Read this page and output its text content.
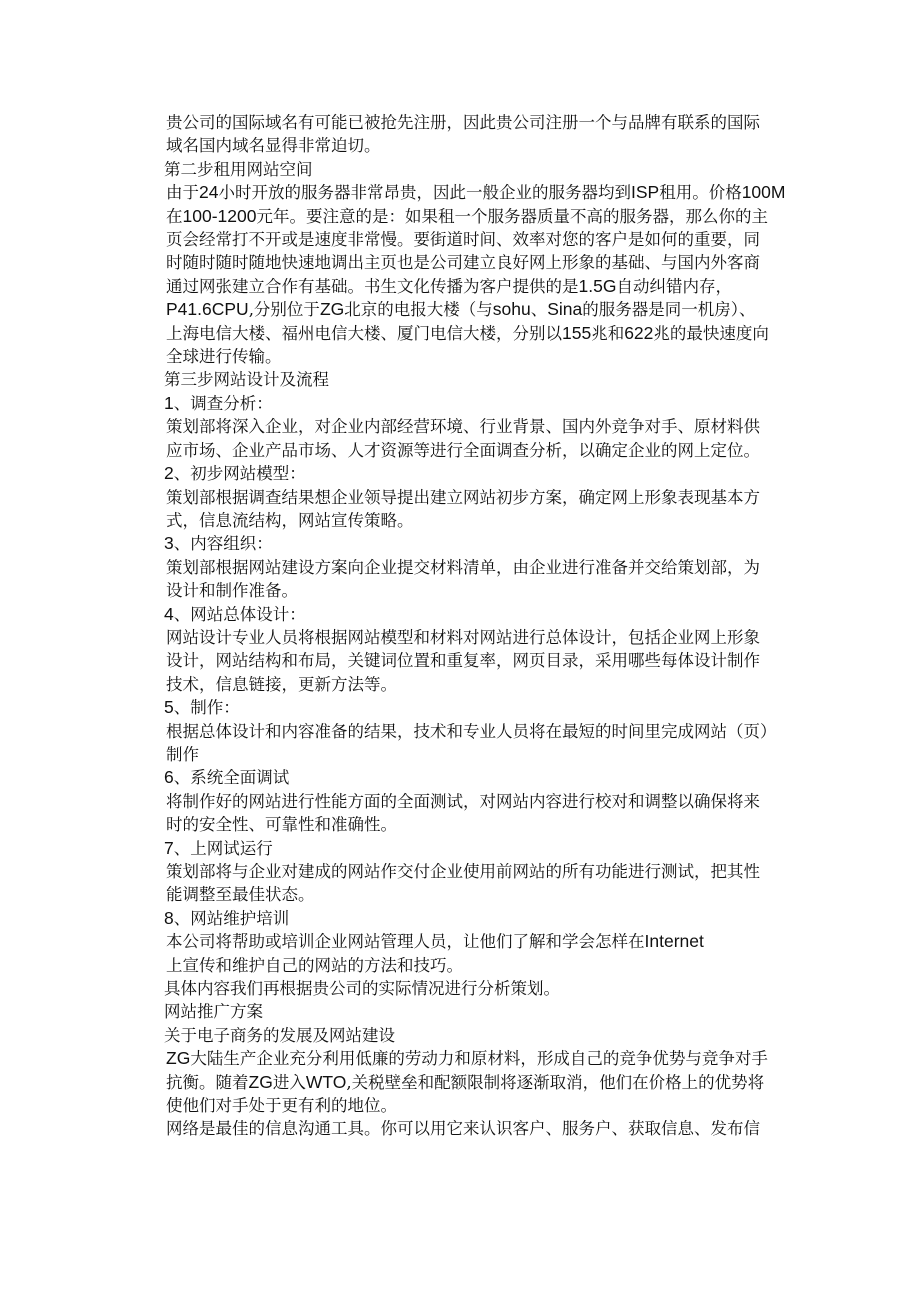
贵公司的国际域名有可能已被抢先注册，因此贵公司注册一个与品牌有联系的国际
域名国内域名显得非常迫切。
第二步租用网站空间
由于24小时开放的服务器非常昂贵，因此一般企业的服务器均到ISP租用。价格100M
在100-1200元年。要注意的是：如果租一个服务器质量不高的服务器，那么你的主
页会经常打不开或是速度非常慢。要街道时间、效率对您的客户是如何的重要，同
时随时随时随地快速地调出主页也是公司建立良好网上形象的基础、与国内外客商
通过网张建立合作有基础。书生文化传播为客户提供的是1.5G自动纠错内存，
P41.6CPU,分别位于ZG北京的电报大楼（与sohu、Sina的服务器是同一机房）、
上海电信大楼、福州电信大楼、厦门电信大楼，分别以155兆和622兆的最快速度向
全球进行传输。
第三步网站设计及流程
1、调查分析：
策划部将深入企业，对企业内部经营环境、行业背景、国内外竞争对手、原材料供
应市场、企业产品市场、人才资源等进行全面调查分析，以确定企业的网上定位。
2、初步网站模型：
策划部根据调查结果想企业领导提出建立网站初步方案，确定网上形象表现基本方
式，信息流结构，网站宣传策略。
3、内容组织：
策划部根据网站建设方案向企业提交材料清单，由企业进行准备并交给策划部，为
设计和制作准备。
4、网站总体设计：
网站设计专业人员将根据网站模型和材料对网站进行总体设计，包括企业网上形象
设计，网站结构和布局，关键词位置和重复率，网页目录，采用哪些每体设计制作
技术，信息链接，更新方法等。
5、制作：
根据总体设计和内容准备的结果，技术和专业人员将在最短的时间里完成网站（页）
制作
6、系统全面调试
将制作好的网站进行性能方面的全面测试，对网站内容进行校对和调整以确保将来
时的安全性、可靠性和准确性。
7、上网试运行
策划部将与企业对建成的网站作交付企业使用前网站的所有功能进行测试，把其性
能调整至最佳状态。
8、网站维护培训
本公司将帮助或培训企业网站管理人员，让他们了解和学会怎样在Internet
上宣传和维护自己的网站的方法和技巧。
具体内容我们再根据贵公司的实际情况进行分析策划。
网站推广方案
关于电子商务的发展及网站建设
ZG大陆生产企业充分利用低廉的劳动力和原材料，形成自己的竞争优势与竞争对手
抗衡。随着ZG进入WTO,关税壁垒和配额限制将逐渐取消，他们在价格上的优势将
使他们对手处于更有利的地位。
网络是最佳的信息沟通工具。你可以用它来认识客户、服务户、获取信息、发布信
